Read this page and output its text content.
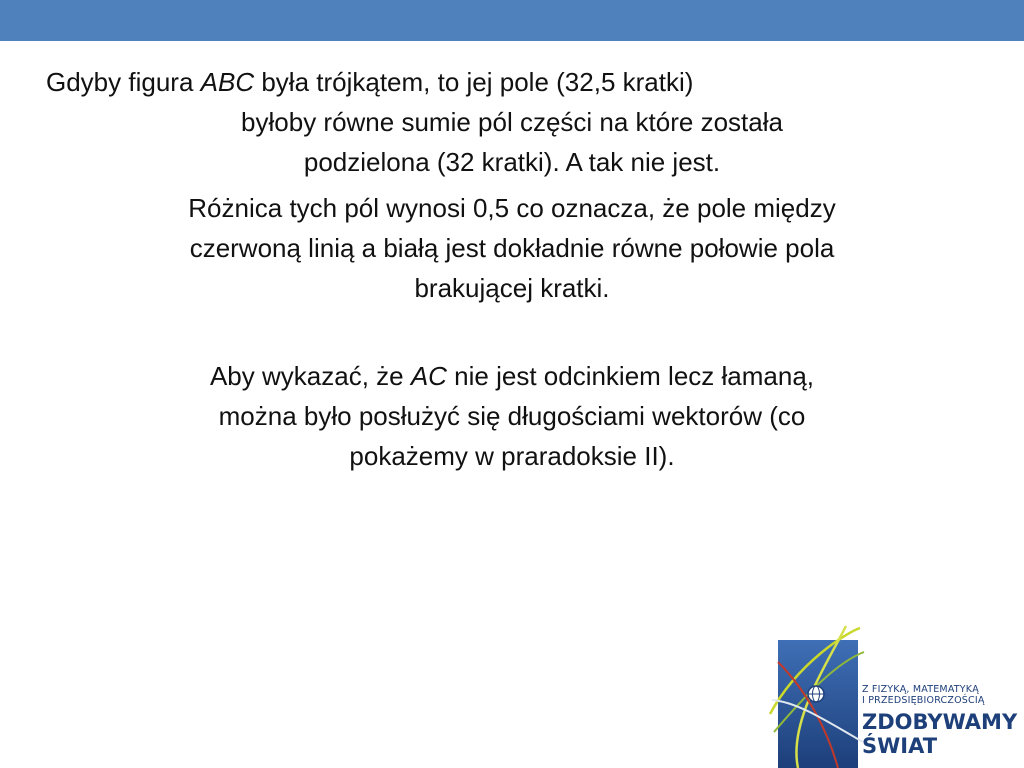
Gdyby figura ABC była trójkątem, to jej pole (32,5 kratki)
byłoby równe sumie pól części na które została
podzielona (32 kratki). A tak nie jest.

Różnica tych pól wynosi 0,5 co oznacza, że pole między
czerwoną linią a białą jest dokładnie równe połowie pola
brakującej kratki.

Aby wykazać, że AC nie jest odcinkiem lecz łamaną,
można było posłużyć się długościami wektorów (co
pokażemy w praradoksie II).

Z FIZYKĄ, MATEMATYKĄ
I PRZEDSIĘBIORCZOŚCIĄ
ZDOBYWAMY
ŚWIAT
